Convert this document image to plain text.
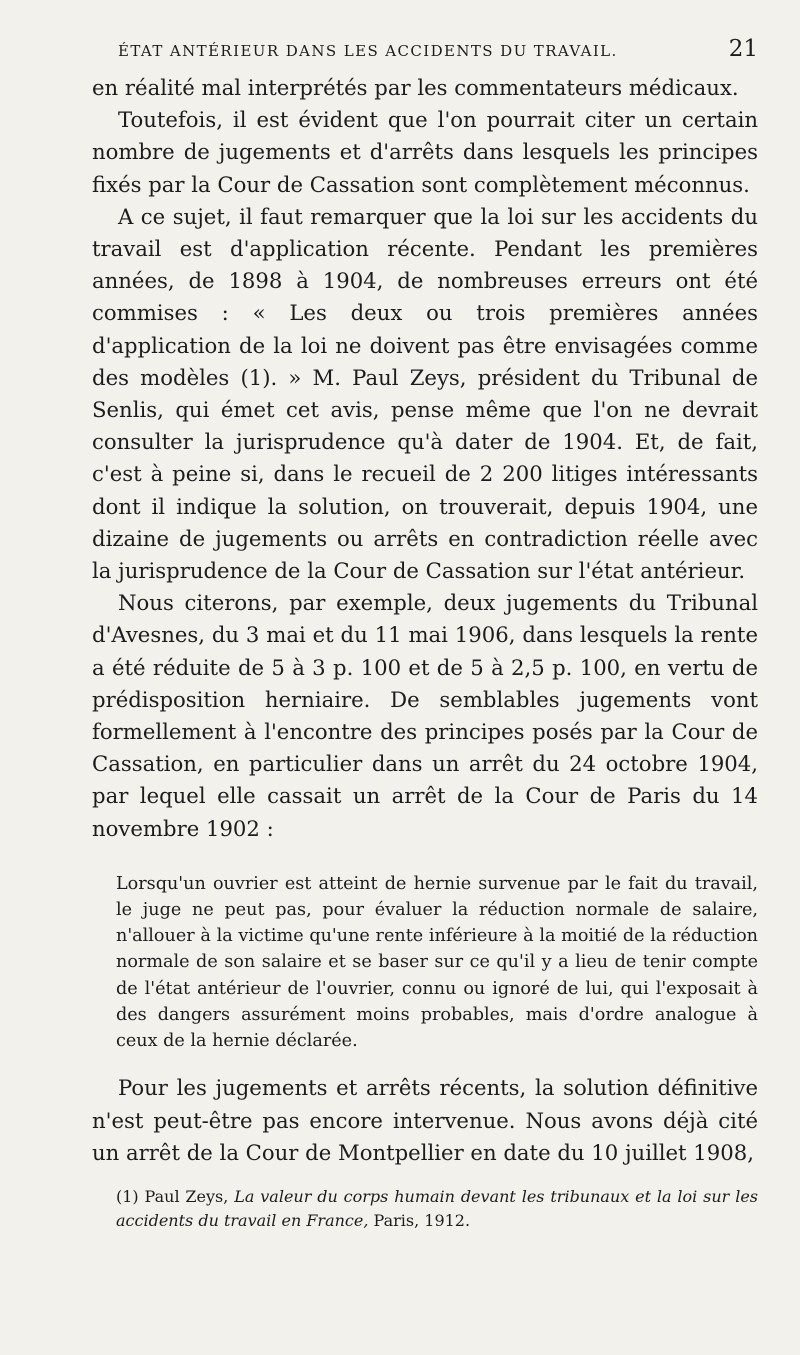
ÉTAT ANTÉRIEUR DANS LES ACCIDENTS DU TRAVAIL.	21

en réalité mal interprétés par les commentateurs médicaux.

Toutefois, il est évident que l'on pourrait citer un certain nombre de jugements et d'arrêts dans lesquels les principes fixés par la Cour de Cassation sont complètement méconnus.

A ce sujet, il faut remarquer que la loi sur les accidents du travail est d'application récente. Pendant les premières années, de 1898 à 1904, de nombreuses erreurs ont été commises : « Les deux ou trois premières années d'application de la loi ne doivent pas être envisagées comme des modèles (1). » M. Paul Zeys, président du Tribunal de Senlis, qui émet cet avis, pense même que l'on ne devrait consulter la jurisprudence qu'à dater de 1904. Et, de fait, c'est à peine si, dans le recueil de 2 200 litiges intéressants dont il indique la solution, on trouverait, depuis 1904, une dizaine de jugements ou arrêts en contradiction réelle avec la jurisprudence de la Cour de Cassation sur l'état antérieur.

Nous citerons, par exemple, deux jugements du Tribunal d'Avesnes, du 3 mai et du 11 mai 1906, dans lesquels la rente a été réduite de 5 à 3 p. 100 et de 5 à 2,5 p. 100, en vertu de prédisposition herniaire. De semblables jugements vont formellement à l'encontre des principes posés par la Cour de Cassation, en particulier dans un arrêt du 24 octobre 1904, par lequel elle cassait un arrêt de la Cour de Paris du 14 novembre 1902 :

Lorsqu'un ouvrier est atteint de hernie survenue par le fait du travail, le juge ne peut pas, pour évaluer la réduction normale de salaire, n'allouer à la victime qu'une rente inférieure à la moitié de la réduction normale de son salaire et se baser sur ce qu'il y a lieu de tenir compte de l'état antérieur de l'ouvrier, connu ou ignoré de lui, qui l'exposait à des dangers assurément moins probables, mais d'ordre analogue à ceux de la hernie déclarée.

Pour les jugements et arrêts récents, la solution définitive n'est peut-être pas encore intervenue. Nous avons déjà cité un arrêt de la Cour de Montpellier en date du 10 juillet 1908,

(1) Paul Zeys, La valeur du corps humain devant les tribunaux et la loi sur les accidents du travail en France, Paris, 1912.
